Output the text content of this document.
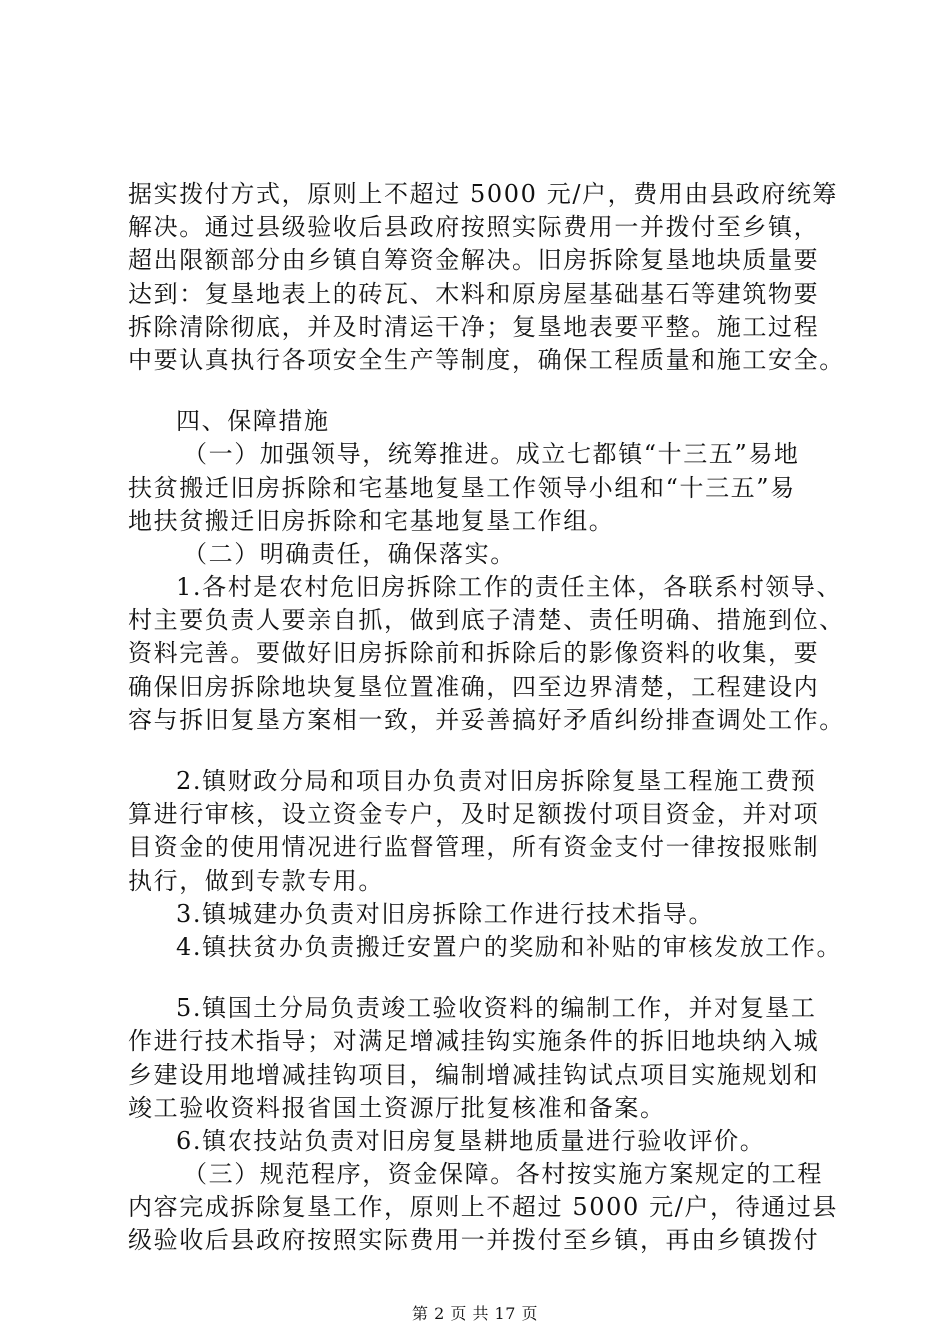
据实拨付方式，原则上不超过 5000 元/户，费用由县政府统筹
解决。通过县级验收后县政府按照实际费用一并拨付至乡镇，
超出限额部分由乡镇自筹资金解决。旧房拆除复垦地块质量要
达到：复垦地表上的砖瓦、木料和原房屋基础基石等建筑物要
拆除清除彻底，并及时清运干净；复垦地表要平整。施工过程
中要认真执行各项安全生产等制度，确保工程质量和施工安全。
四、保障措施
（一）加强领导，统筹推进。成立七都镇“十三五”易地
扶贫搬迁旧房拆除和宅基地复垦工作领导小组和“十三五”易
地扶贫搬迁旧房拆除和宅基地复垦工作组。
（二）明确责任，确保落实。
1.各村是农村危旧房拆除工作的责任主体，各联系村领导、
村主要负责人要亲自抓，做到底子清楚、责任明确、措施到位、
资料完善。要做好旧房拆除前和拆除后的影像资料的收集，要
确保旧房拆除地块复垦位置准确，四至边界清楚，工程建设内
容与拆旧复垦方案相一致，并妥善搞好矛盾纠纷排查调处工作。
2.镇财政分局和项目办负责对旧房拆除复垦工程施工费预
算进行审核，设立资金专户，及时足额拨付项目资金，并对项
目资金的使用情况进行监督管理，所有资金支付一律按报账制
执行，做到专款专用。
3.镇城建办负责对旧房拆除工作进行技术指导。
4.镇扶贫办负责搬迁安置户的奖励和补贴的审核发放工作。
5.镇国土分局负责竣工验收资料的编制工作，并对复垦工
作进行技术指导；对满足增减挂钩实施条件的拆旧地块纳入城
乡建设用地增减挂钩项目，编制增减挂钩试点项目实施规划和
竣工验收资料报省国土资源厅批复核准和备案。
6.镇农技站负责对旧房复垦耕地质量进行验收评价。
（三）规范程序，资金保障。各村按实施方案规定的工程
内容完成拆除复垦工作，原则上不超过 5000 元/户，待通过县
级验收后县政府按照实际费用一并拨付至乡镇，再由乡镇拨付
第 2 页 共 17 页
